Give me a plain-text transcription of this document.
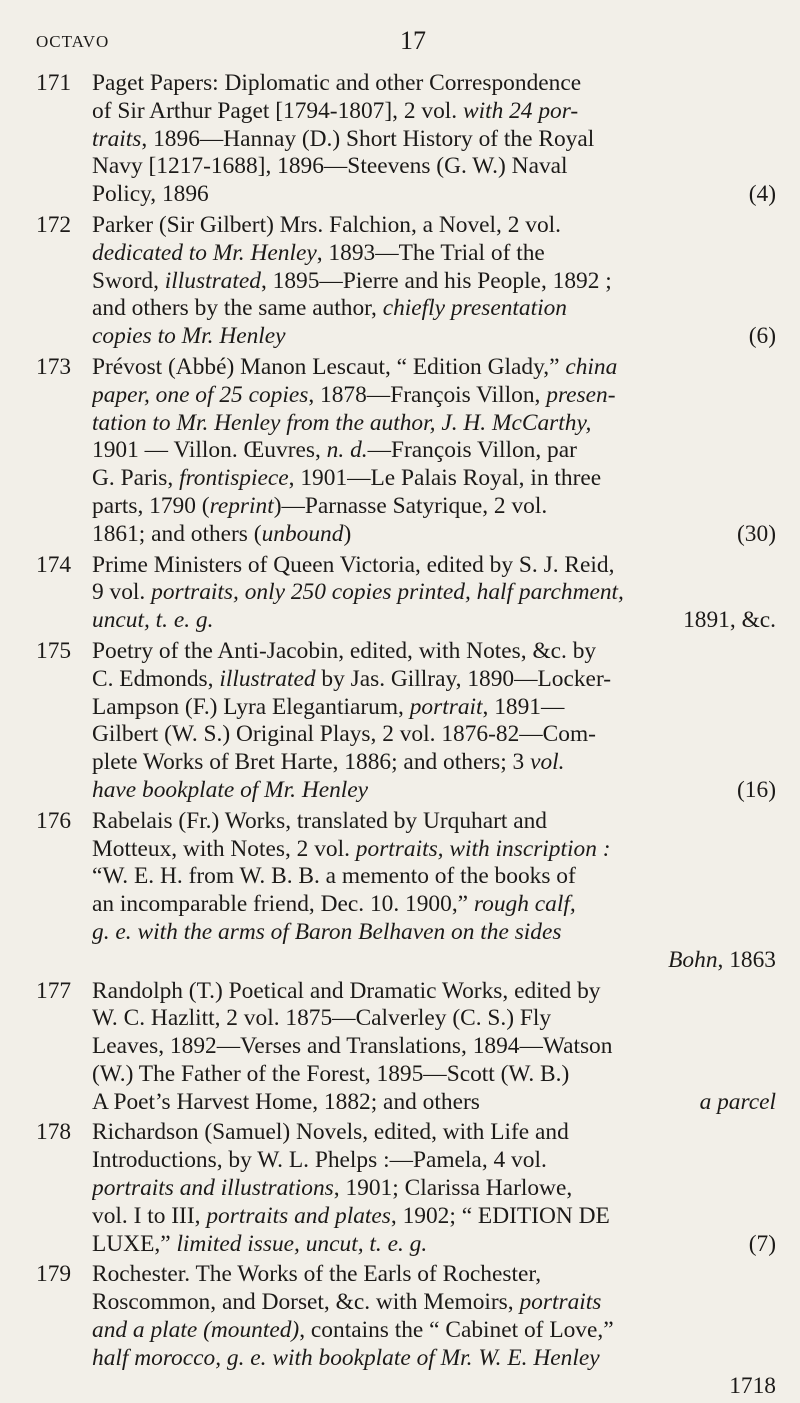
OCTAVO	17
171 Paget Papers: Diplomatic and other Correspondence
of Sir Arthur Paget [1794-1807], 2 vol. with 24 por-
traits, 1896—Hannay (D.) Short History of the Royal
Navy [1217-1688], 1896—Steevens (G. W.) Naval
Policy, 1896	(4)
172 Parker (Sir Gilbert) Mrs. Falchion, a Novel, 2 vol.
dedicated to Mr. Henley, 1893—The Trial of the
Sword, illustrated, 1895—Pierre and his People, 1892 ;
and others by the same author, chiefly presentation
copies to Mr. Henley	(6)
173 Prévost (Abbé) Manon Lescaut, “ Edition Glady,” china
paper, one of 25 copies, 1878—François Villon, presen-
tation to Mr. Henley from the author, J. H. McCarthy,
1901 — Villon. Œuvres, n. d.—François Villon, par
G. Paris, frontispiece, 1901—Le Palais Royal, in three
parts, 1790 (reprint)—Parnasse Satyrique, 2 vol.
1861; and others (unbound)	(30)
174 Prime Ministers of Queen Victoria, edited by S. J. Reid,
9 vol. portraits, only 250 copies printed, half parchment,
uncut, t. e. g.	1891, &c.
175 Poetry of the Anti-Jacobin, edited, with Notes, &c. by
C. Edmonds, illustrated by Jas. Gillray, 1890—Locker-
Lampson (F.) Lyra Elegantiarum, portrait, 1891—
Gilbert (W. S.) Original Plays, 2 vol. 1876-82—Com-
plete Works of Bret Harte, 1886; and others; 3 vol.
have bookplate of Mr. Henley	(16)
176 Rabelais (Fr.) Works, translated by Urquhart and
Motteux, with Notes, 2 vol. portraits, with inscription :
“W. E. H. from W. B. B. a memento of the books of
an incomparable friend, Dec. 10. 1900,” rough calf,
g. e. with the arms of Baron Belhaven on the sides
Bohn, 1863
177 Randolph (T.) Poetical and Dramatic Works, edited by
W. C. Hazlitt, 2 vol. 1875—Calverley (C. S.) Fly
Leaves, 1892—Verses and Translations, 1894—Watson
(W.) The Father of the Forest, 1895—Scott (W. B.)
A Poet’s Harvest Home, 1882; and others	a parcel
178 Richardson (Samuel) Novels, edited, with Life and
Introductions, by W. L. Phelps :—Pamela, 4 vol.
portraits and illustrations, 1901; Clarissa Harlowe,
vol. I to III, portraits and plates, 1902; “ EDITION DE
LUXE,” limited issue, uncut, t. e. g.	(7)
179 Rochester. The Works of the Earls of Rochester,
Roscommon, and Dorset, &c. with Memoirs, portraits
and a plate (mounted), contains the “ Cabinet of Love,”
half morocco, g. e. with bookplate of Mr. W. E. Henley
1718
